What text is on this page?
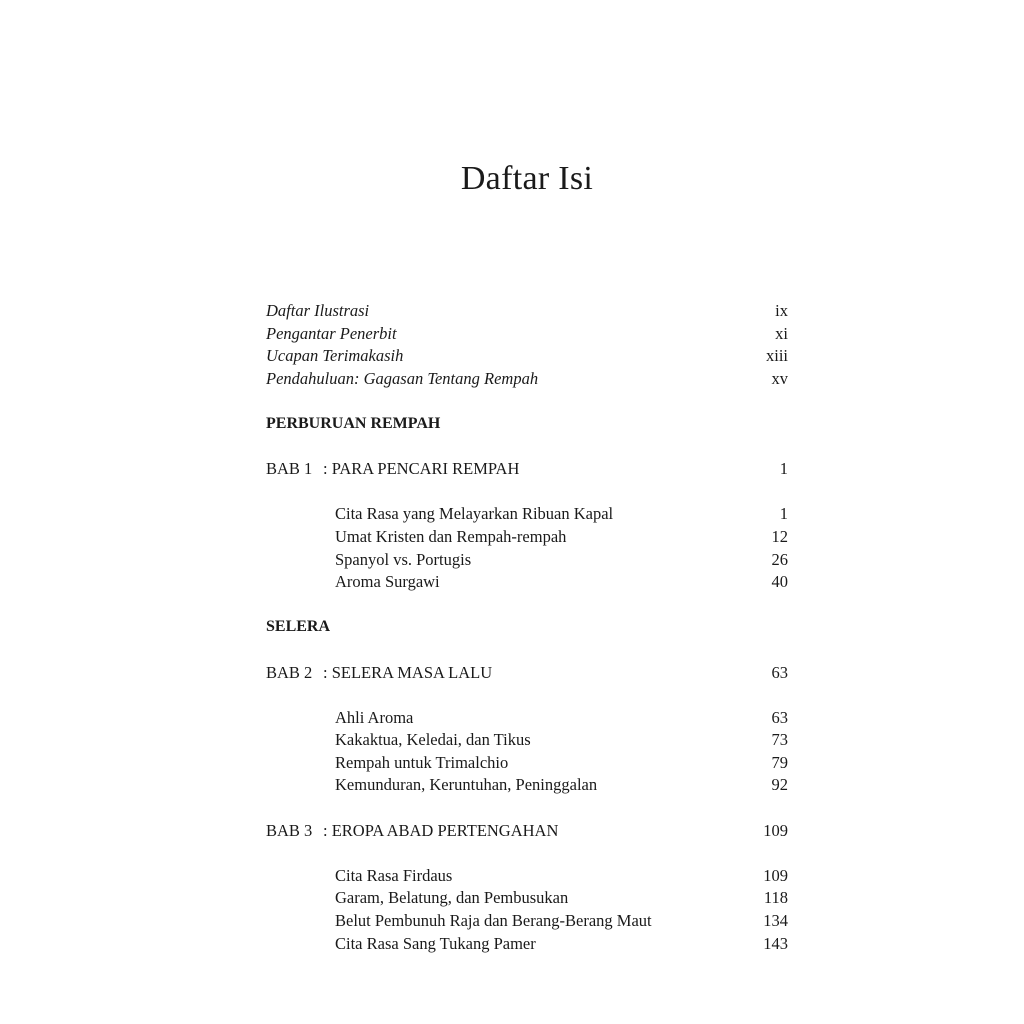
Daftar Isi
Daftar Ilustrasi	ix
Pengantar Penerbit	xi
Ucapan Terimakasih	xiii
Pendahuluan: Gagasan Tentang Rempah	xv
PERBURUAN REMPAH
BAB 1 : PARA PENCARI REMPAH	1
Cita Rasa yang Melayarkan Ribuan Kapal	1
Umat Kristen dan Rempah-rempah	12
Spanyol vs. Portugis	26
Aroma Surgawi	40
SELERA
BAB 2 : SELERA MASA LALU	63
Ahli Aroma	63
Kakaktua, Keledai, dan Tikus	73
Rempah untuk Trimalchio	79
Kemunduran, Keruntuhan, Peninggalan	92
BAB 3 : EROPA ABAD PERTENGAHAN	109
Cita Rasa Firdaus	109
Garam, Belatung, dan Pembusukan	118
Belut Pembunuh Raja dan Berang-Berang Maut	134
Cita Rasa Sang Tukang Pamer	143
